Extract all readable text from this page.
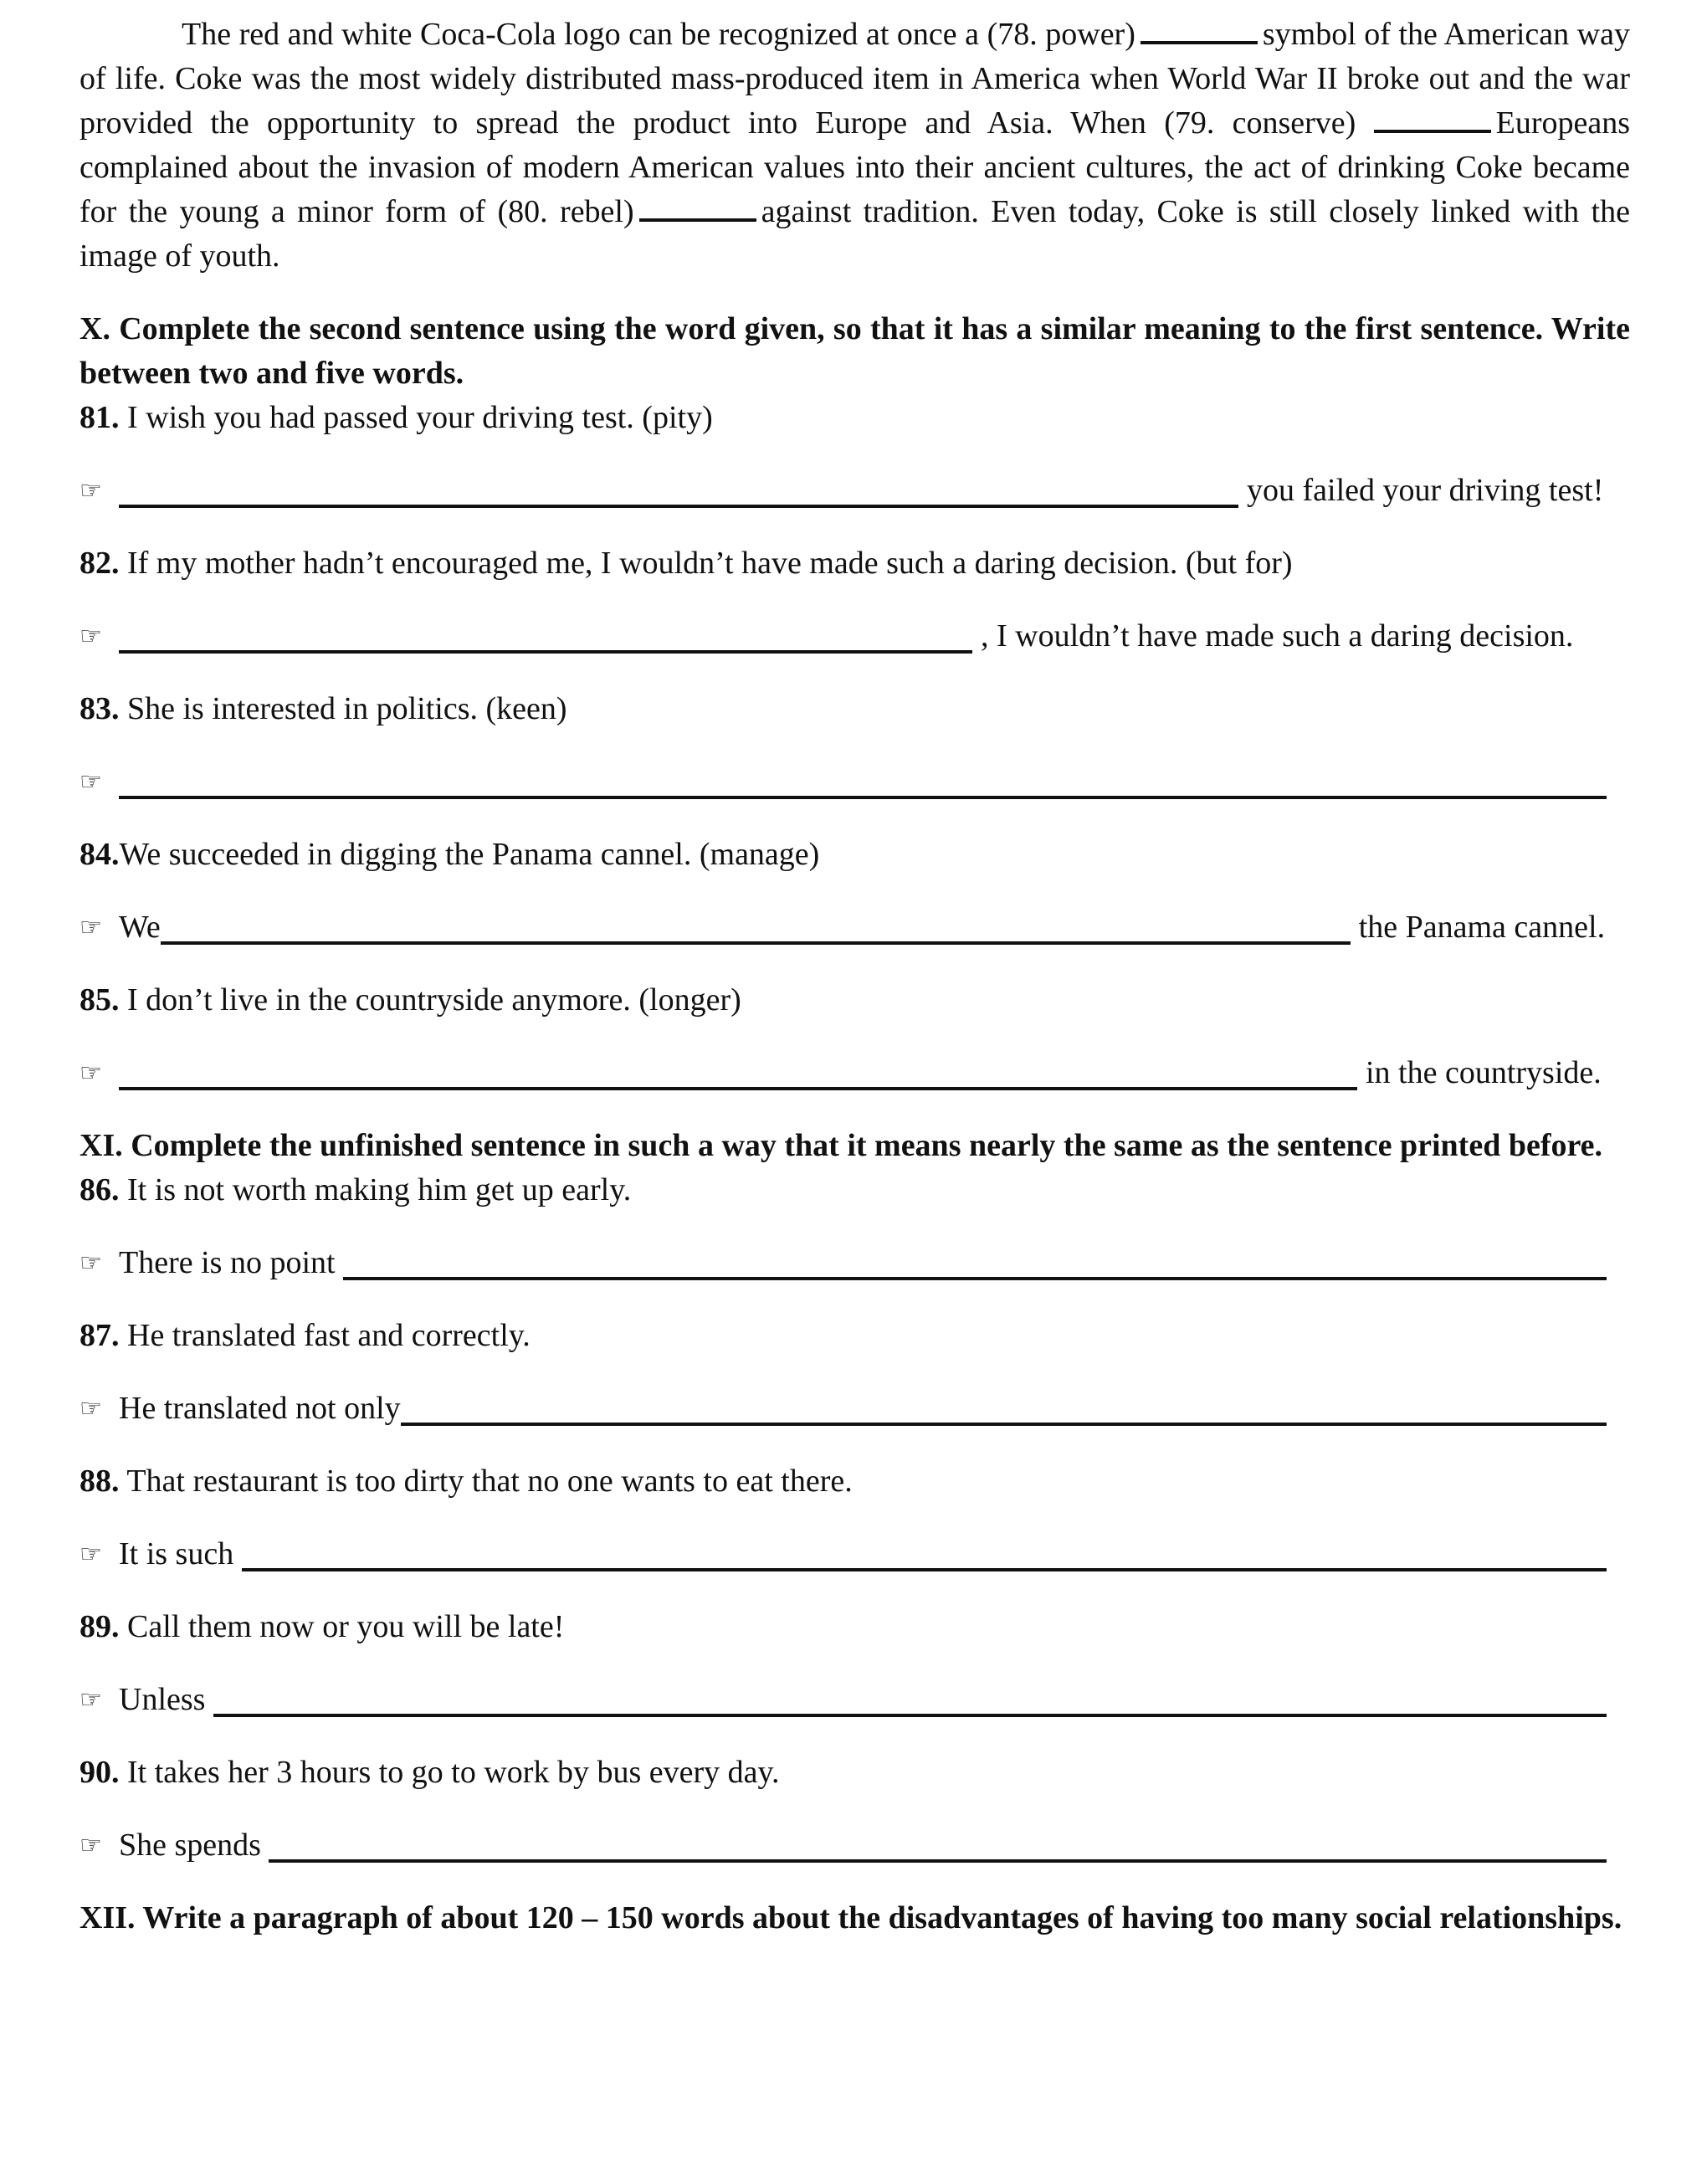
The red and white Coca-Cola logo can be recognized at once a (78. power)	symbol of the American way of life. Coke was the most widely distributed mass-produced item in America when World War II broke out and the war provided the opportunity to spread the product into Europe and Asia. When (79. conserve)	Europeans complained about the invasion of modern American values into their ancient cultures, the act of drinking Coke became for the young a minor form of (80. rebel)	against tradition. Even today, Coke is still closely linked with the image of youth.
X. Complete the second sentence using the word given, so that it has a similar meaning to the first sentence. Write between two and five words.
81. I wish you had passed your driving test. (pity)
☞	you failed your driving test!
82. If my mother hadn’t encouraged me, I wouldn’t have made such a daring decision. (but for)
☞	, I wouldn’t have made such a daring decision.
83. She is interested in politics. (keen)
☞
84.We succeeded in digging the Panama cannel. (manage)
☞ We	the Panama cannel.
85. I don’t live in the countryside anymore. (longer)
☞	in the countryside.
XI. Complete the unfinished sentence in such a way that it means nearly the same as the sentence printed before.
86. It is not worth making him get up early.
☞ There is no point
87. He translated fast and correctly.
☞ He translated not only
88. That restaurant is too dirty that no one wants to eat there.
☞ It is such
89. Call them now or you will be late!
☞ Unless
90. It takes her 3 hours to go to work by bus every day.
☞ She spends
XII. Write a paragraph of about 120 – 150 words about the disadvantages of having too many social relationships.
